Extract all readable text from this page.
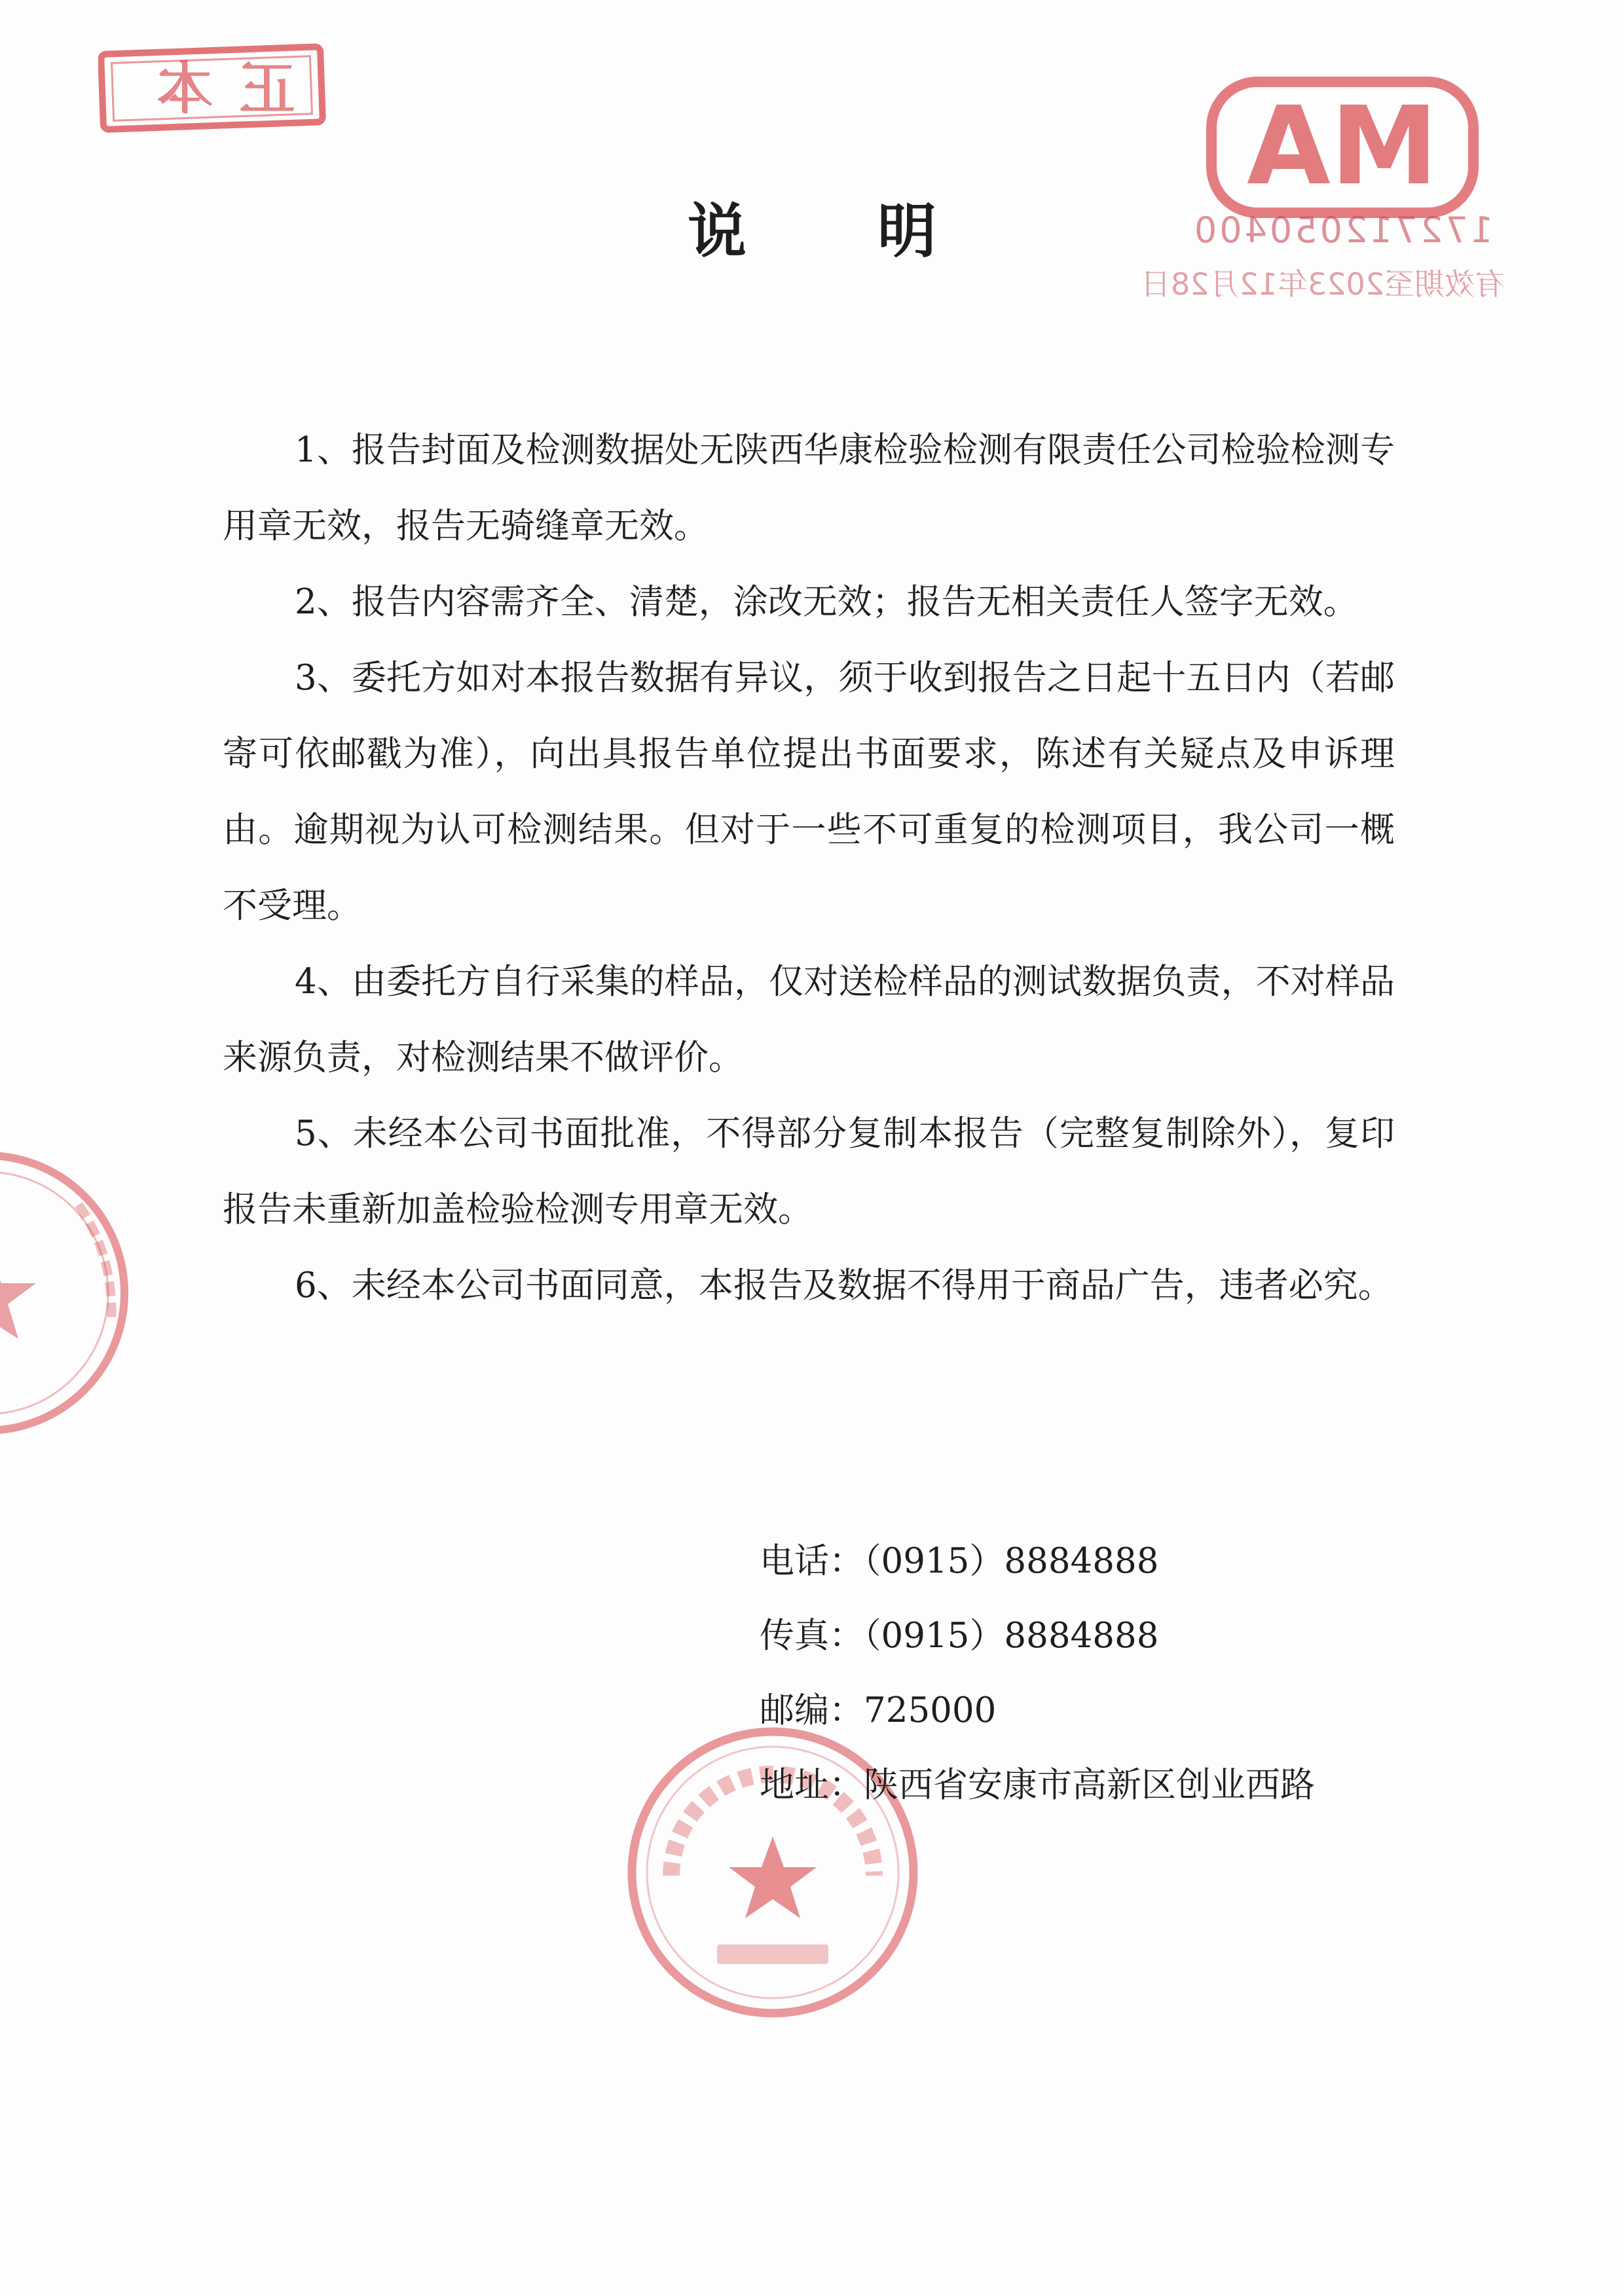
正本	MA
172712050400
有效期至2023年12月28日
说 明

1、报告封面及检测数据处无陕西华康检验检测有限责任公司检验检测专用章无效，报告无骑缝章无效。

2、报告内容需齐全、清楚，涂改无效；报告无相关责任人签字无效。

3、委托方如对本报告数据有异议，须于收到报告之日起十五日内（若邮寄可依邮戳为准），向出具报告单位提出书面要求，陈述有关疑点及申诉理由。逾期视为认可检测结果。但对于一些不可重复的检测项目，我公司一概不受理。

4、由委托方自行采集的样品，仅对送检样品的测试数据负责，不对样品来源负责，对检测结果不做评价。

5、未经本公司书面批准，不得部分复制本报告（完整复制除外），复印报告未重新加盖检验检测专用章无效。

6、未经本公司书面同意，本报告及数据不得用于商品广告，违者必究。

电话：（0915）8884888
传真：（0915）8884888
邮编：725000
地址：陕西省安康市高新区创业西路
